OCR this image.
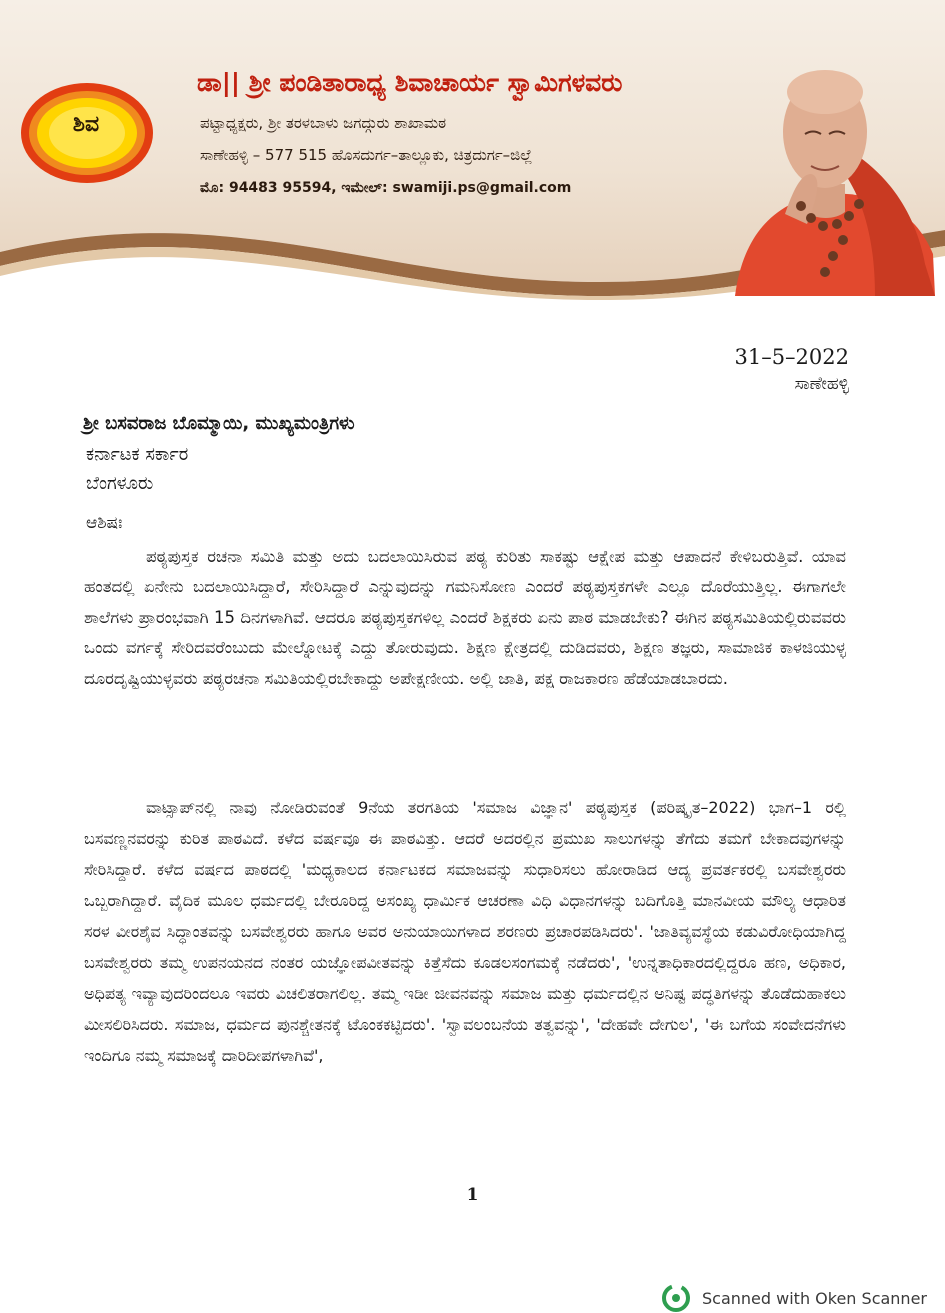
ಶಿವ
ಡಾ|| ಶ್ರೀ ಪಂಡಿತಾರಾಧ್ಯ ಶಿವಾಚಾರ್ಯ ಸ್ವಾಮಿಗಳವರು
ಪಟ್ಟಾಧ್ಯಕ್ಷರು, ಶ್ರೀ ತರಳಬಾಳು ಜಗದ್ಗುರು ಶಾಖಾಮಠ
ಸಾಣೇಹಳ್ಳಿ – 577 515 ಹೊಸದುರ್ಗ–ತಾಲ್ಲೂಕು, ಚಿತ್ರದುರ್ಗ–ಜಿಲ್ಲೆ
ಮೊ: 94483 95594, ಇಮೇಲ್: swamiji.ps@gmail.com
31–5–2022
ಸಾಣೇಹಳ್ಳಿ
ಶ್ರೀ ಬಸವರಾಜ ಬೊಮ್ಮಾಯಿ, ಮುಖ್ಯಮಂತ್ರಿಗಳು
ಕರ್ನಾಟಕ ಸರ್ಕಾರ
ಬೆಂಗಳೂರು
ಆಶಿಷಃ

ಪಠ್ಯಪುಸ್ತಕ ರಚನಾ ಸಮಿತಿ ಮತ್ತು ಅದು ಬದಲಾಯಿಸಿರುವ ಪಠ್ಯ ಕುರಿತು ಸಾಕಷ್ಟು ಆಕ್ಷೇಪ ಮತ್ತು ಆಪಾದನೆ ಕೇಳಿಬರುತ್ತಿವೆ. ಯಾವ ಹಂತದಲ್ಲಿ ಏನೇನು ಬದಲಾಯಿಸಿದ್ದಾರೆ, ಸೇರಿಸಿದ್ದಾರೆ ಎನ್ನುವುದನ್ನು ಗಮನಿಸೋಣ ಎಂದರೆ ಪಠ್ಯಪುಸ್ತಕಗಳೇ ಎಲ್ಲೂ ದೊರೆಯುತ್ತಿಲ್ಲ. ಈಗಾಗಲೇ ಶಾಲೆಗಳು ಪ್ರಾರಂಭವಾಗಿ 15 ದಿನಗಳಾಗಿವೆ. ಆದರೂ ಪಠ್ಯಪುಸ್ತಕಗಳಿಲ್ಲ ಎಂದರೆ ಶಿಕ್ಷಕರು ಏನು ಪಾಠ ಮಾಡಬೇಕು? ಈಗಿನ ಪಠ್ಯಸಮಿತಿಯಲ್ಲಿರುವವರು ಒಂದು ವರ್ಗಕ್ಕೆ ಸೇರಿದವರೆಂಬುದು ಮೇಲ್ನೋಟಕ್ಕೆ ಎದ್ದು ತೋರುವುದು. ಶಿಕ್ಷಣ ಕ್ಷೇತ್ರದಲ್ಲಿ ದುಡಿದವರು, ಶಿಕ್ಷಣ ತಜ್ಞರು, ಸಾಮಾಜಿಕ ಕಾಳಜಿಯುಳ್ಳ ದೂರದೃಷ್ಟಿಯುಳ್ಳವರು ಪಠ್ಯರಚನಾ ಸಮಿತಿಯಲ್ಲಿರಬೇಕಾದ್ದು ಅಪೇಕ್ಷಣೀಯ. ಅಲ್ಲಿ ಜಾತಿ, ಪಕ್ಷ ರಾಜಕಾರಣ ಹೆಡೆಯಾಡಬಾರದು.

ವಾಟ್ಸಾಪ್‌ನಲ್ಲಿ ನಾವು ನೋಡಿರುವಂತೆ 9ನೆಯ ತರಗತಿಯ 'ಸಮಾಜ ವಿಜ್ಞಾನ' ಪಠ್ಯಪುಸ್ತಕ (ಪರಿಷ್ಕೃತ–2022) ಭಾಗ–1 ರಲ್ಲಿ ಬಸವಣ್ಣನವರನ್ನು ಕುರಿತ ಪಾಠವಿದೆ. ಕಳೆದ ವರ್ಷವೂ ಈ ಪಾಠವಿತ್ತು. ಆದರೆ ಅದರಲ್ಲಿನ ಪ್ರಮುಖ ಸಾಲುಗಳನ್ನು ತೆಗೆದು ತಮಗೆ ಬೇಕಾದವುಗಳನ್ನು ಸೇರಿಸಿದ್ದಾರೆ. ಕಳೆದ ವರ್ಷದ ಪಾಠದಲ್ಲಿ 'ಮಧ್ಯಕಾಲದ ಕರ್ನಾಟಕದ ಸಮಾಜವನ್ನು ಸುಧಾರಿಸಲು ಹೋರಾಡಿದ ಆದ್ಯ ಪ್ರವರ್ತಕರಲ್ಲಿ ಬಸವೇಶ್ವರರು ಒಬ್ಬರಾಗಿದ್ದಾರೆ. ವೈದಿಕ ಮೂಲ ಧರ್ಮದಲ್ಲಿ ಬೇರೂರಿದ್ದ ಅಸಂಖ್ಯ ಧಾರ್ಮಿಕ ಆಚರಣಾ ವಿಧಿ ವಿಧಾನಗಳನ್ನು ಬದಿಗೊತ್ತಿ ಮಾನವೀಯ ಮೌಲ್ಯ ಆಧಾರಿತ ಸರಳ ವೀರಶೈವ ಸಿದ್ಧಾಂತವನ್ನು ಬಸವೇಶ್ವರರು ಹಾಗೂ ಅವರ ಅನುಯಾಯಿಗಳಾದ ಶರಣರು ಪ್ರಚಾರಪಡಿಸಿದರು'. 'ಜಾತಿವ್ಯವಸ್ಥೆಯ ಕಡುವಿರೋಧಿಯಾಗಿದ್ದ ಬಸವೇಶ್ವರರು ತಮ್ಮ ಉಪನಯನದ ನಂತರ ಯಜ್ಞೋಪವೀತವನ್ನು ಕಿತ್ತೆಸೆದು ಕೂಡಲಸಂಗಮಕ್ಕೆ ನಡೆದರು', 'ಉನ್ನತಾಧಿಕಾರದಲ್ಲಿದ್ದರೂ ಹಣ, ಅಧಿಕಾರ, ಅಧಿಪತ್ಯ ಇವ್ಯಾವುದರಿಂದಲೂ ಇವರು ವಿಚಲಿತರಾಗಲಿಲ್ಲ. ತಮ್ಮ ಇಡೀ ಜೀವನವನ್ನು ಸಮಾಜ ಮತ್ತು ಧರ್ಮದಲ್ಲಿನ ಅನಿಷ್ಟ ಪದ್ಧತಿಗಳನ್ನು ತೊಡೆದುಹಾಕಲು ಮೀಸಲಿರಿಸಿದರು. ಸಮಾಜ, ಧರ್ಮದ ಪುನಶ್ಚೇತನಕ್ಕೆ ಟೊಂಕಕಟ್ಟಿದರು'. 'ಸ್ವಾವಲಂಬನೆಯ ತತ್ವವನ್ನು', 'ದೇಹವೇ ದೇಗುಲ', 'ಈ ಬಗೆಯ ಸಂವೇದನೆಗಳು ಇಂದಿಗೂ ನಮ್ಮ ಸಮಾಜಕ್ಕೆ ದಾರಿದೀಪಗಳಾಗಿವೆ',

1
Scanned with Oken Scanner
